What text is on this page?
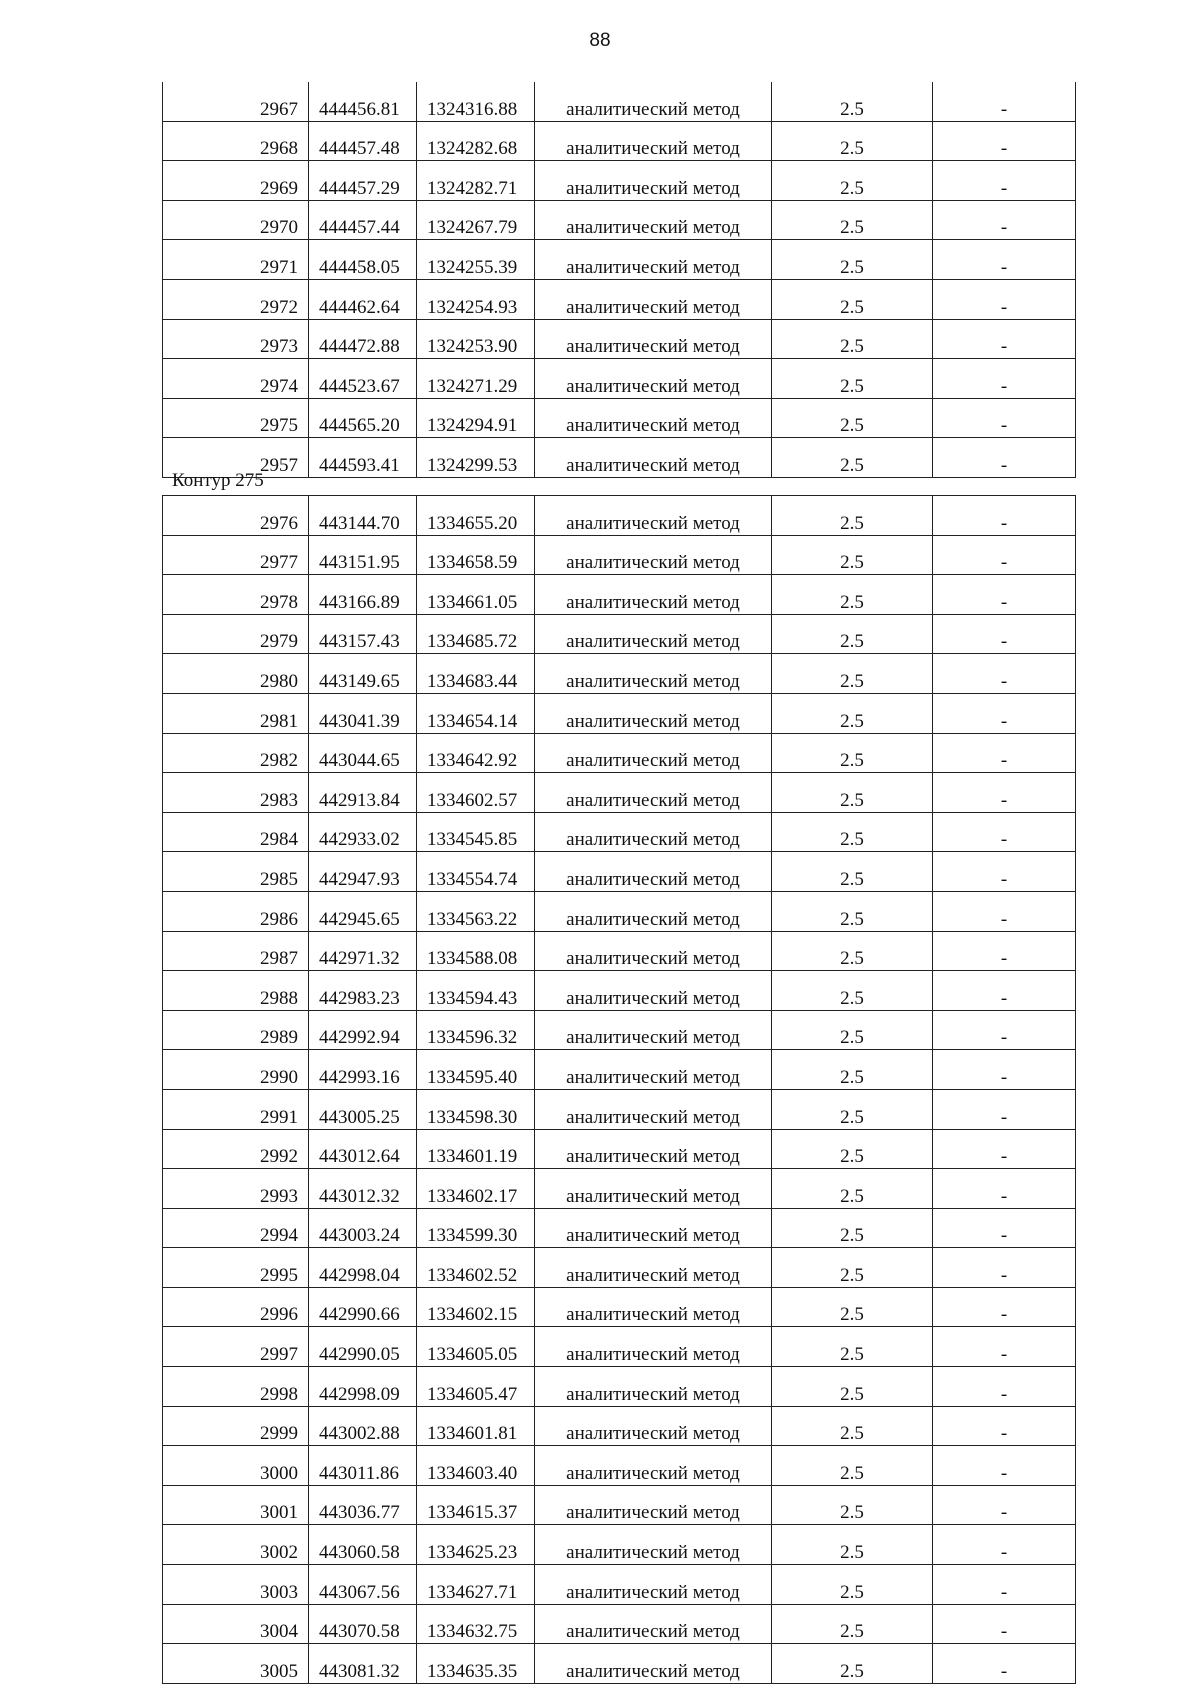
88
2967	444456.81	1324316.88	аналитический метод	2.5	-
2968	444457.48	1324282.68	аналитический метод	2.5	-
2969	444457.29	1324282.71	аналитический метод	2.5	-
2970	444457.44	1324267.79	аналитический метод	2.5	-
2971	444458.05	1324255.39	аналитический метод	2.5	-
2972	444462.64	1324254.93	аналитический метод	2.5	-
2973	444472.88	1324253.90	аналитический метод	2.5	-
2974	444523.67	1324271.29	аналитический метод	2.5	-
2975	444565.20	1324294.91	аналитический метод	2.5	-
2957	444593.41	1324299.53	аналитический метод	2.5	-
Контур 275
2976	443144.70	1334655.20	аналитический метод	2.5	-
2977	443151.95	1334658.59	аналитический метод	2.5	-
2978	443166.89	1334661.05	аналитический метод	2.5	-
2979	443157.43	1334685.72	аналитический метод	2.5	-
2980	443149.65	1334683.44	аналитический метод	2.5	-
2981	443041.39	1334654.14	аналитический метод	2.5	-
2982	443044.65	1334642.92	аналитический метод	2.5	-
2983	442913.84	1334602.57	аналитический метод	2.5	-
2984	442933.02	1334545.85	аналитический метод	2.5	-
2985	442947.93	1334554.74	аналитический метод	2.5	-
2986	442945.65	1334563.22	аналитический метод	2.5	-
2987	442971.32	1334588.08	аналитический метод	2.5	-
2988	442983.23	1334594.43	аналитический метод	2.5	-
2989	442992.94	1334596.32	аналитический метод	2.5	-
2990	442993.16	1334595.40	аналитический метод	2.5	-
2991	443005.25	1334598.30	аналитический метод	2.5	-
2992	443012.64	1334601.19	аналитический метод	2.5	-
2993	443012.32	1334602.17	аналитический метод	2.5	-
2994	443003.24	1334599.30	аналитический метод	2.5	-
2995	442998.04	1334602.52	аналитический метод	2.5	-
2996	442990.66	1334602.15	аналитический метод	2.5	-
2997	442990.05	1334605.05	аналитический метод	2.5	-
2998	442998.09	1334605.47	аналитический метод	2.5	-
2999	443002.88	1334601.81	аналитический метод	2.5	-
3000	443011.86	1334603.40	аналитический метод	2.5	-
3001	443036.77	1334615.37	аналитический метод	2.5	-
3002	443060.58	1334625.23	аналитический метод	2.5	-
3003	443067.56	1334627.71	аналитический метод	2.5	-
3004	443070.58	1334632.75	аналитический метод	2.5	-
3005	443081.32	1334635.35	аналитический метод	2.5	-
